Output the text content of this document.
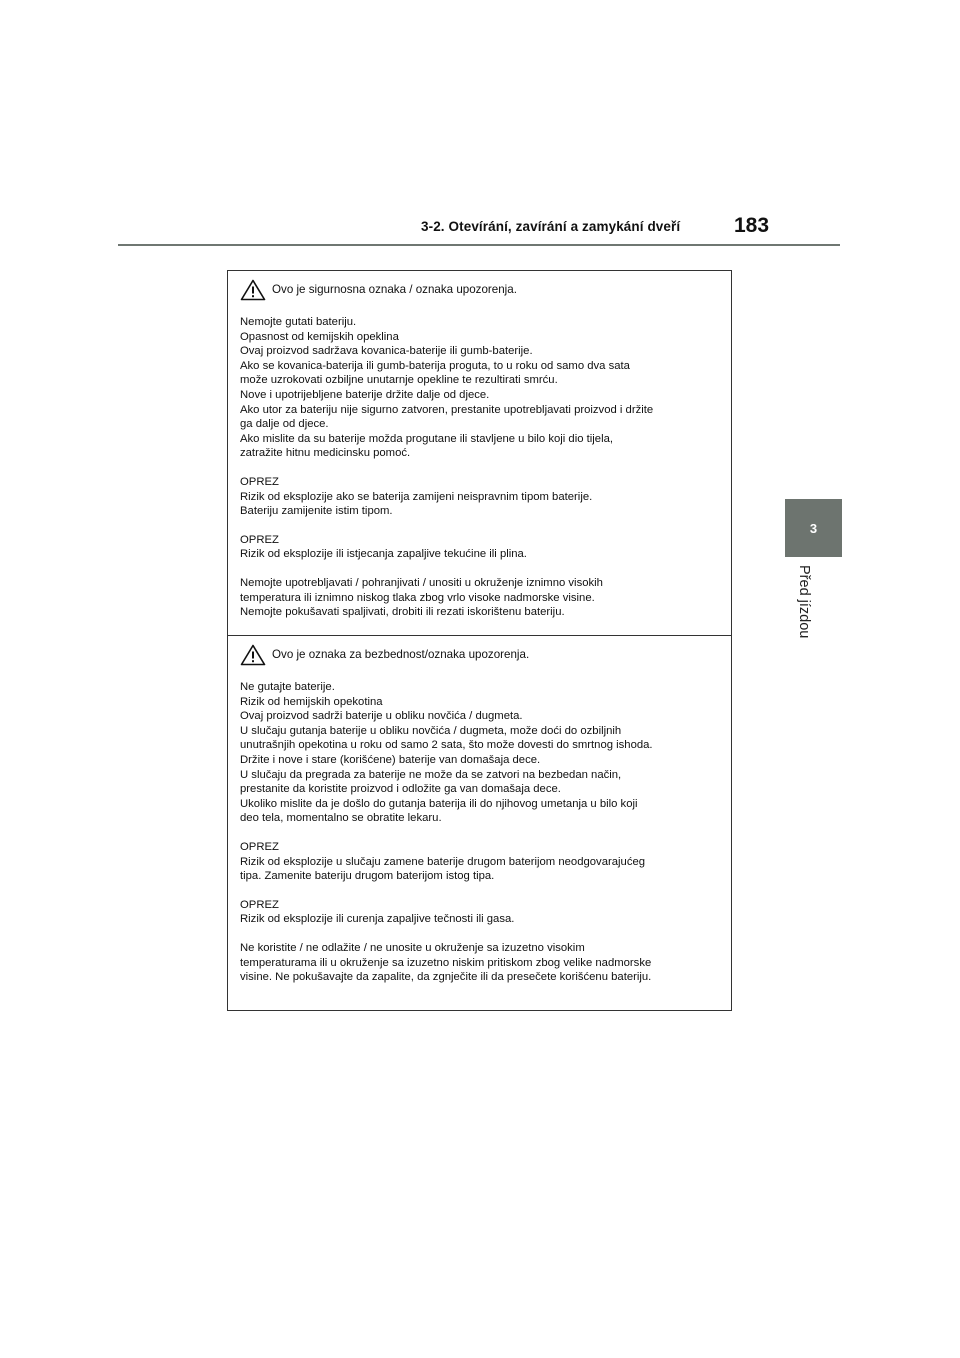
3-2. Otevírání, zavírání a zamykání dveří	183
3
Před jízdou
Ovo je sigurnosna oznaka / oznaka upozorenja.
Nemojte gutati bateriju.
Opasnost od kemijskih opeklina
Ovaj proizvod sadržava kovanica-baterije ili gumb-baterije.
Ako se kovanica-baterija ili gumb-baterija proguta, to u roku od samo dva sata
može uzrokovati ozbiljne unutarnje opekline te rezultirati smrću.
Nove i upotrijebljene baterije držite dalje od djece.
Ako utor za bateriju nije sigurno zatvoren, prestanite upotrebljavati proizvod i držite
ga dalje od djece.
Ako mislite da su baterije možda progutane ili stavljene u bilo koji dio tijela,
zatražite hitnu medicinsku pomoć.
OPREZ
Rizik od eksplozije ako se baterija zamijeni neispravnim tipom baterije.
Bateriju zamijenite istim tipom.
OPREZ
Rizik od eksplozije ili istjecanja zapaljive tekućine ili plina.
Nemojte upotrebljavati / pohranjivati / unositi u okruženje iznimno visokih
temperatura ili iznimno niskog tlaka zbog vrlo visoke nadmorske visine.
Nemojte pokušavati spaljivati, drobiti ili rezati iskorištenu bateriju.
Ovo je oznaka za bezbednost/oznaka upozorenja.
Ne gutajte baterije.
Rizik od hemijskih opekotina
Ovaj proizvod sadrži baterije u obliku novčića / dugmeta.
U slučaju gutanja baterije u obliku novčića / dugmeta, može doći do ozbiljnih
unutrašnjih opekotina u roku od samo 2 sata, što može dovesti do smrtnog ishoda.
Držite i nove i stare (korišćene) baterije van domašaja dece.
U slučaju da pregrada za baterije ne može da se zatvori na bezbedan način,
prestanite da koristite proizvod i odložite ga van domašaja dece.
Ukoliko mislite da je došlo do gutanja baterija ili do njihovog umetanja u bilo koji
deo tela, momentalno se obratite lekaru.
OPREZ
Rizik od eksplozije u slučaju zamene baterije drugom baterijom neodgovarajućeg
tipa. Zamenite bateriju drugom baterijom istog tipa.
OPREZ
Rizik od eksplozije ili curenja zapaljive tečnosti ili gasa.
Ne koristite / ne odlažite / ne unosite u okruženje sa izuzetno visokim
temperaturama ili u okruženje sa izuzetno niskim pritiskom zbog velike nadmorske
visine. Ne pokušavajte da zapalite, da zgnječite ili da presečete korišćenu bateriju.
